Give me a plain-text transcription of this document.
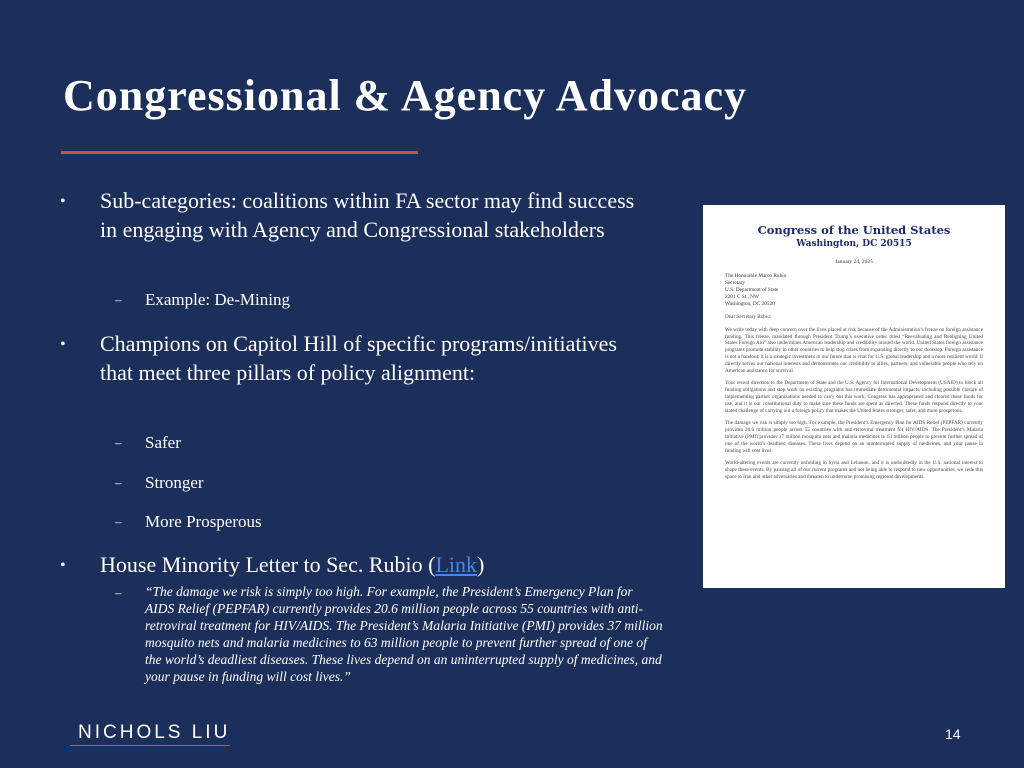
Congressional & Agency Advocacy
• Sub-categories: coalitions within FA sector may find success in engaging with Agency and Congressional stakeholders

– Example: De-Mining

• Champions on Capitol Hill of specific programs/initiatives that meet three pillars of policy alignment:

– Safer

– Stronger

– More Prosperous

• House Minority Letter to Sec. Rubio (Link)

– “The damage we risk is simply too high. For example, the President’s Emergency Plan for AIDS Relief (PEPFAR) currently provides 20.6 million people across 55 countries with anti-retroviral treatment for HIV/AIDS. The President’s Malaria Initiative (PMI) provides 37 million mosquito nets and malaria medicines to 63 million people to prevent further spread of one of the world’s deadliest diseases. These lives depend on an uninterrupted supply of medicines, and your pause in funding will cost lives.”

Congress of the United States
Washington, DC 20515
January 24, 2025
The Honorable Marco Rubio
Secretary
U.S. Department of State
2201 C St., NW
Washington, DC 20520
Dear Secretary Rubio:

We write today with deep concern over the lives placed at risk because of the Administration’s freeze on foreign assistance funding. This freeze, mandated through President Trump’s executive order titled “Reevaluating and Realigning United States Foreign Aid” also undermines American leadership and credibility around the world. United States foreign assistance programs promote stability in other countries to help stop crises from expanding directly to our doorstep. Foreign assistance is not a handout; it is a strategic investment in our future that is vital for U.S. global leadership and a more resilient world. It directly serves our national interests and demonstrates our credibility to allies, partners, and vulnerable people who rely on American assistance for survival.

Your recent direction to the Department of State and the U.S. Agency for International Development (USAID) to block all funding obligations and stop work on existing programs has immediate detrimental impacts, including possible closure of implementing partner organizations needed to carry out this work. Congress has appropriated and cleared these funds for use, and it is our constitutional duty to make sure these funds are spent as directed. These funds respond directly to your stated challenge of carrying out a foreign policy that makes the United States stronger, safer, and more prosperous.

The damage we risk is simply too high. For example, the President’s Emergency Plan for AIDS Relief (PEPFAR) currently provides 20.6 million people across 55 countries with anti-retroviral treatment for HIV/AIDS. The President’s Malaria Initiative (PMI) provides 37 million mosquito nets and malaria medicines to 63 million people to prevent further spread of one of the world’s deadliest diseases. These lives depend on an uninterrupted supply of medicines, and your pause in funding will cost lives.

World-altering events are currently unfolding in Syria and Lebanon, and it is undoubtedly in the U.S. national interest to shape these events. By pausing all of our current programs and not being able to respond to new opportunities, we cede this space to Iran and other adversaries and threaten to undermine promising regional developments.

NICHOLS LIU	14
